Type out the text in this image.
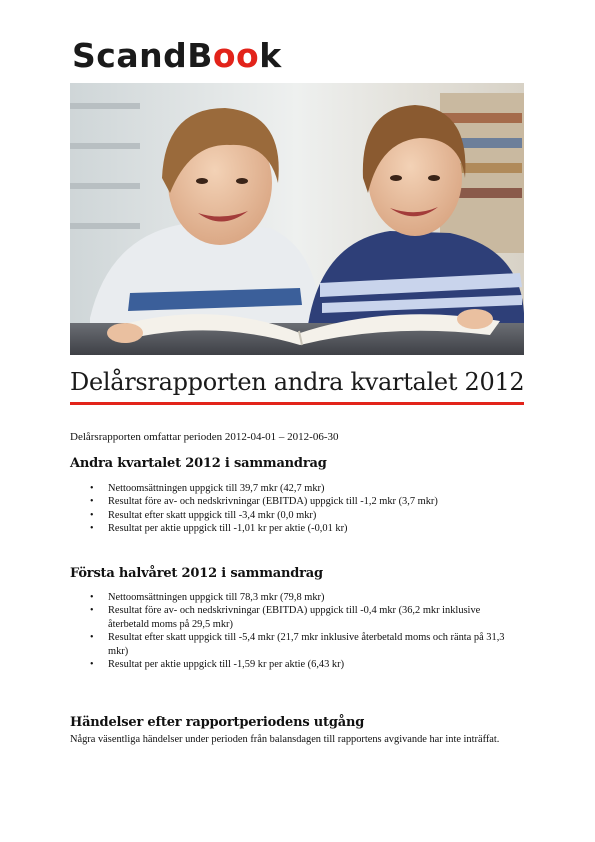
ScandBook
Delårsrapporten andra kvartalet 2012

Delårsrapporten omfattar perioden 2012-04-01 – 2012-06-30

Andra kvartalet 2012 i sammandrag
• Nettoomsättningen uppgick till 39,7 mkr (42,7 mkr)
• Resultat före av- och nedskrivningar (EBITDA) uppgick till -1,2 mkr (3,7 mkr)
• Resultat efter skatt uppgick till -3,4 mkr (0,0 mkr)
• Resultat per aktie uppgick till -1,01 kr per aktie (-0,01 kr)
Första halvåret 2012 i sammandrag
• Nettoomsättningen uppgick till 78,3 mkr (79,8 mkr)
• Resultat före av- och nedskrivningar (EBITDA) uppgick till -0,4 mkr (36,2 mkr inklusive återbetald moms på 29,5 mkr)
• Resultat efter skatt uppgick till -5,4 mkr (21,7 mkr inklusive återbetald moms och ränta på 31,3 mkr)
• Resultat per aktie uppgick till -1,59 kr per aktie (6,43 kr)
Händelser efter rapportperiodens utgång

Några väsentliga händelser under perioden från balansdagen till rapportens avgivande har inte inträffat.
